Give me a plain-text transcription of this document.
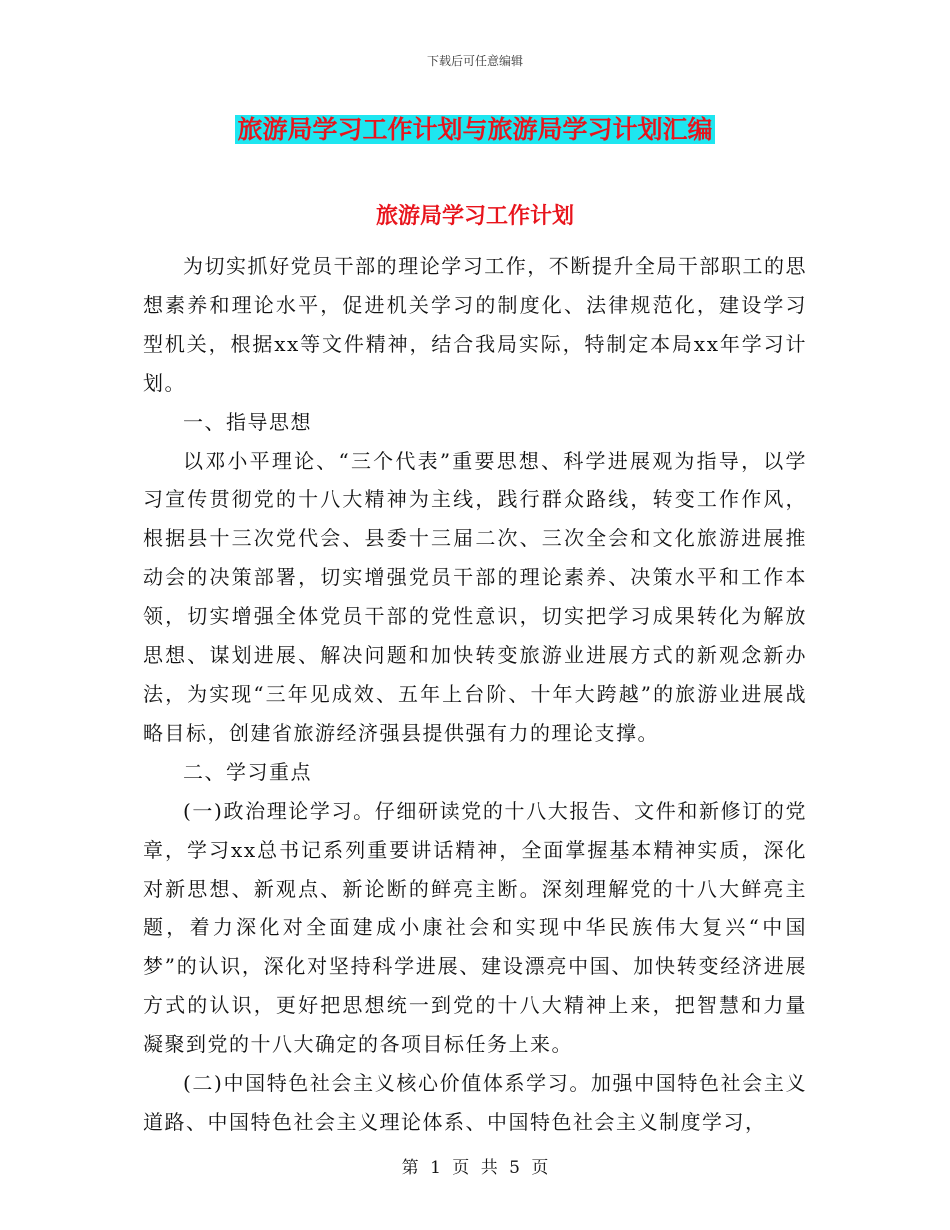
下载后可任意编辑
旅游局学习工作计划与旅游局学习计划汇编
旅游局学习工作计划

为切实抓好党员干部的理论学习工作，不断提升全局干部职工的思想素养和理论水平，促进机关学习的制度化、法律规范化，建设学习型机关，根据xx等文件精神，结合我局实际，特制定本局xx年学习计划。

一、指导思想

以邓小平理论、“三个代表”重要思想、科学进展观为指导，以学习宣传贯彻党的十八大精神为主线，践行群众路线，转变工作作风，根据县十三次党代会、县委十三届二次、三次全会和文化旅游进展推动会的决策部署，切实增强党员干部的理论素养、决策水平和工作本领，切实增强全体党员干部的党性意识，切实把学习成果转化为解放思想、谋划进展、解决问题和加快转变旅游业进展方式的新观念新办法，为实现“三年见成效、五年上台阶、十年大跨越”的旅游业进展战略目标，创建省旅游经济强县提供强有力的理论支撑。

二、学习重点

(一)政治理论学习。仔细研读党的十八大报告、文件和新修订的党章，学习xx总书记系列重要讲话精神，全面掌握基本精神实质，深化对新思想、新观点、新论断的鲜亮主断。深刻理解党的十八大鲜亮主题，着力深化对全面建成小康社会和实现中华民族伟大复兴“中国梦”的认识，深化对坚持科学进展、建设漂亮中国、加快转变经济进展方式的认识，更好把思想统一到党的十八大精神上来，把智慧和力量凝聚到党的十八大确定的各项目标任务上来。

(二)中国特色社会主义核心价值体系学习。加强中国特色社会主义道路、中国特色社会主义理论体系、中国特色社会主义制度学习，

第 1 页 共 5 页
